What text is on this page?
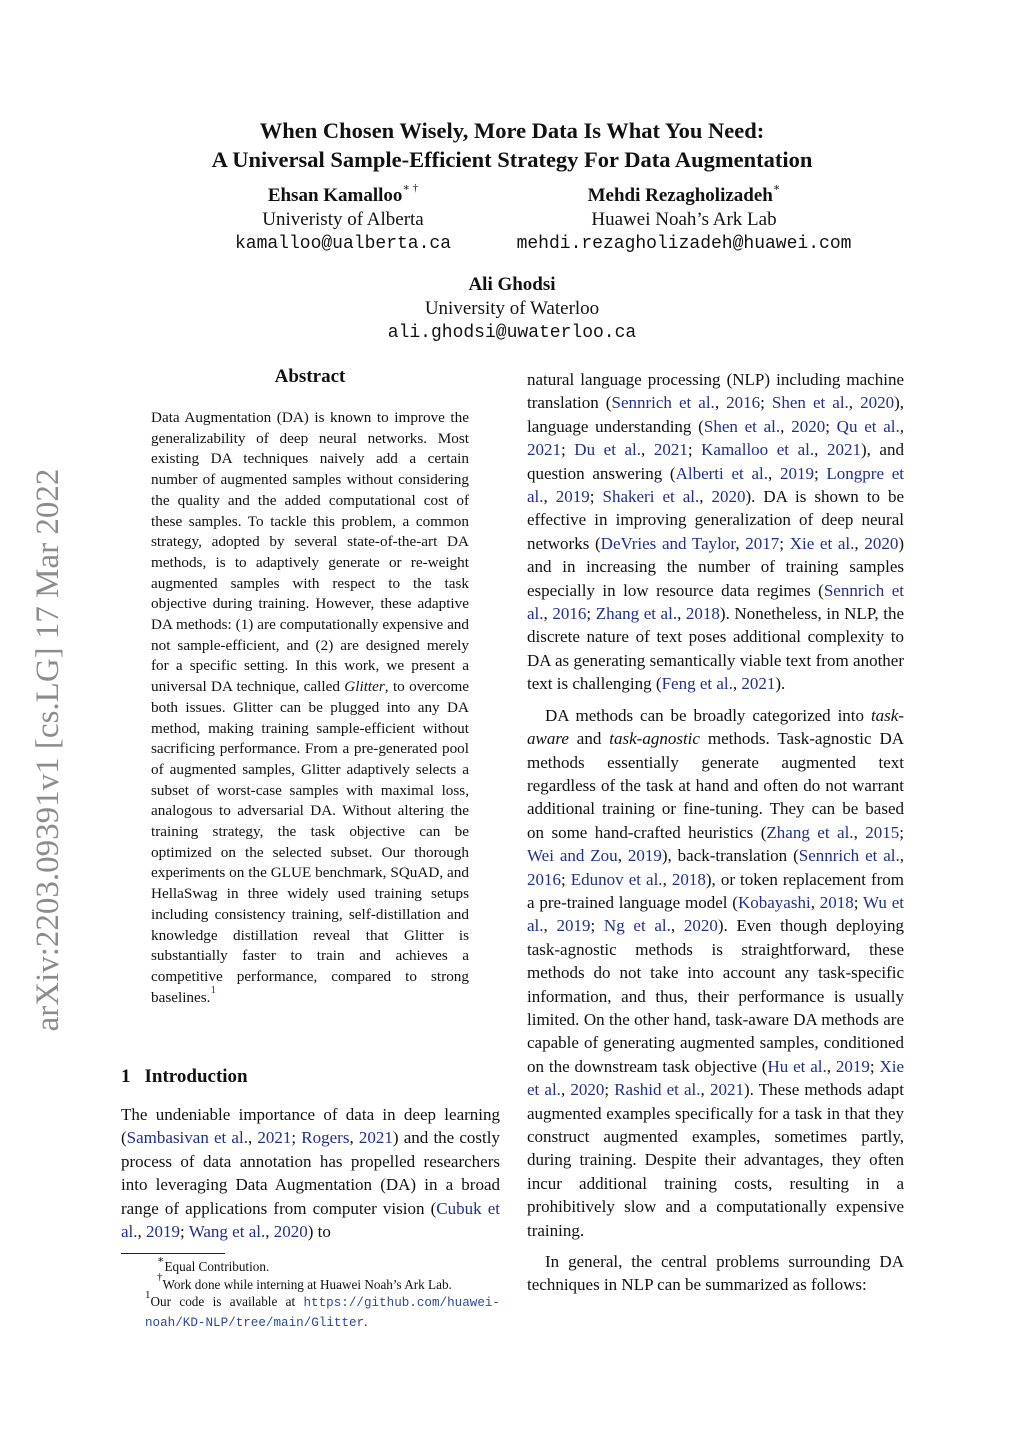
arXiv:2203.09391v1 [cs.LG] 17 Mar 2022
When Chosen Wisely, More Data Is What You Need:
A Universal Sample-Efficient Strategy For Data Augmentation
Ehsan Kamalloo∗ †
Univeristy of Alberta
kamalloo@ualberta.ca
Mehdi Rezagholizadeh∗
Huawei Noah’s Ark Lab
mehdi.rezagholizadeh@huawei.com
Ali Ghodsi
University of Waterloo
ali.ghodsi@uwaterloo.ca
Abstract
Data Augmentation (DA) is known to improve the generalizability of deep neural networks. Most existing DA techniques naively add a certain number of augmented samples without considering the quality and the added computational cost of these samples. To tackle this problem, a common strategy, adopted by several state-of-the-art DA methods, is to adaptively generate or re-weight augmented samples with respect to the task objective during training. However, these adaptive DA methods: (1) are computationally expensive and not sample-efficient, and (2) are designed merely for a specific setting. In this work, we present a universal DA technique, called Glitter, to overcome both issues. Glitter can be plugged into any DA method, making training sample-efficient without sacrificing performance. From a pre-generated pool of augmented samples, Glitter adaptively selects a subset of worst-case samples with maximal loss, analogous to adversarial DA. Without altering the training strategy, the task objective can be optimized on the selected subset. Our thorough experiments on the GLUE benchmark, SQuAD, and HellaSwag in three widely used training setups including consistency training, self-distillation and knowledge distillation reveal that Glitter is substantially faster to train and achieves a competitive performance, compared to strong baselines.$^1$
1 Introduction
The undeniable importance of data in deep learning (Sambasivan et al., 2021; Rogers, 2021) and the costly process of data annotation has propelled researchers into leveraging Data Augmentation (DA) in a broad range of applications from computer vision (Cubuk et al., 2019; Wang et al., 2020) to
∗Equal Contribution.
†Work done while interning at Huawei Noah’s Ark Lab.
$^1$Our code is available at https://github.com/huawei-noah/KD-NLP/tree/main/Glitter.

natural language processing (NLP) including machine translation (Sennrich et al., 2016; Shen et al., 2020), language understanding (Shen et al., 2020; Qu et al., 2021; Du et al., 2021; Kamalloo et al., 2021), and question answering (Alberti et al., 2019; Longpre et al., 2019; Shakeri et al., 2020). DA is shown to be effective in improving generalization of deep neural networks (DeVries and Taylor, 2017; Xie et al., 2020) and in increasing the number of training samples especially in low resource data regimes (Sennrich et al., 2016; Zhang et al., 2018). Nonetheless, in NLP, the discrete nature of text poses additional complexity to DA as generating semantically viable text from another text is challenging (Feng et al., 2021).

DA methods can be broadly categorized into task-aware and task-agnostic methods. Task-agnostic DA methods essentially generate augmented text regardless of the task at hand and often do not warrant additional training or fine-tuning. They can be based on some hand-crafted heuristics (Zhang et al., 2015; Wei and Zou, 2019), back-translation (Sennrich et al., 2016; Edunov et al., 2018), or token replacement from a pre-trained language model (Kobayashi, 2018; Wu et al., 2019; Ng et al., 2020). Even though deploying task-agnostic methods is straightforward, these methods do not take into account any task-specific information, and thus, their performance is usually limited. On the other hand, task-aware DA methods are capable of generating augmented samples, conditioned on the downstream task objective (Hu et al., 2019; Xie et al., 2020; Rashid et al., 2021). These methods adapt augmented examples specifically for a task in that they construct augmented examples, sometimes partly, during training. Despite their advantages, they often incur additional training costs, resulting in a prohibitively slow and a computationally expensive training.

In general, the central problems surrounding DA techniques in NLP can be summarized as follows:
